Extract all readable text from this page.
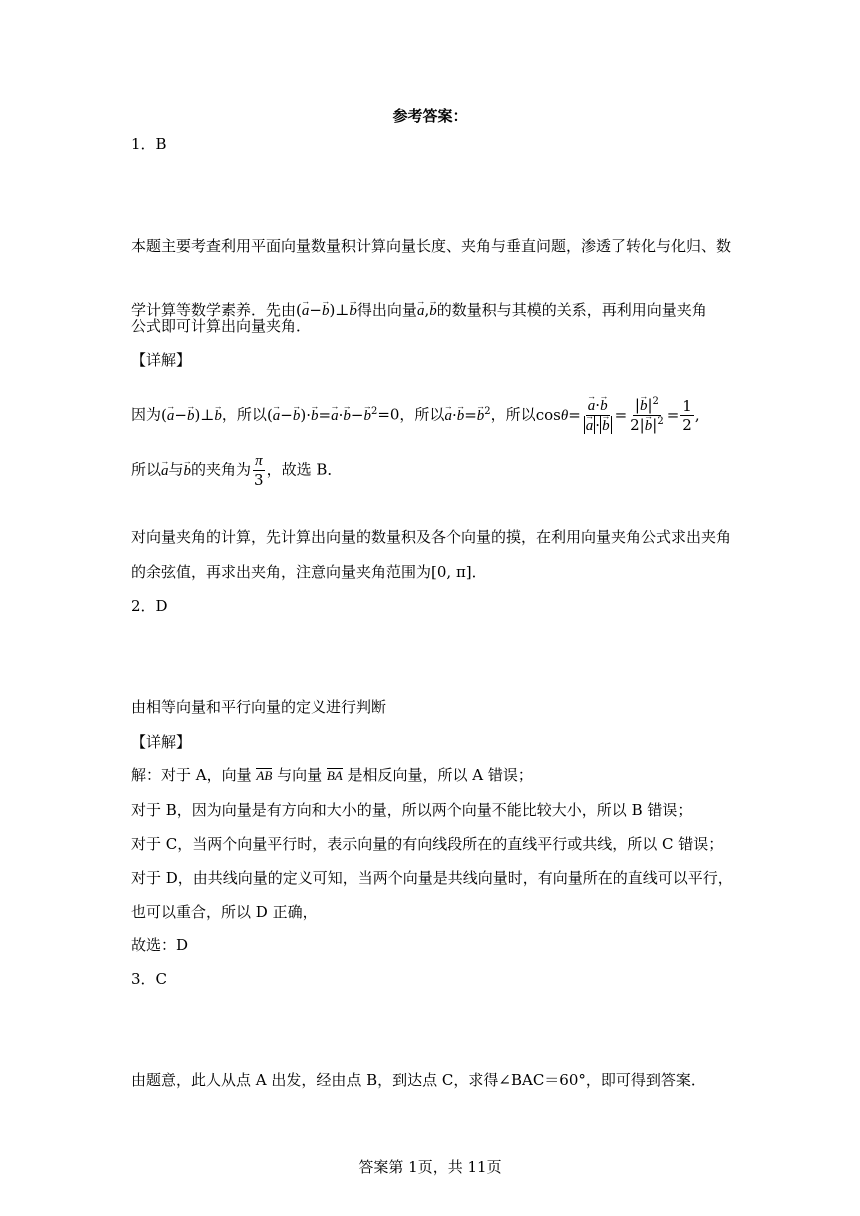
参考答案：
1．B
本题主要考查利用平面向量数量积计算向量长度、夹角与垂直问题，渗透了转化与化归、数
学计算等数学素养．先由(→ a−→ b)⊥→ b得出向量→ a,→ b的数量积与其模的关系，再利用向量夹角
公式即可计算出向量夹角．
【详解】
因为(→ a−→ b)⊥→ b，所以(→ $a-\to b)\cdot\to b=\to a\cdot\to b-\to b^2=0$，所以→ $a\cdot\to b=\to b^2$，所以cosθ=
→ a·→ b
→ $a \cdot\to b = \frac{|\to b|^2}{2|\to b|^2} = \frac{1}{2}$ ,
所以→ a与→ b的夹角为 $\frac{\pi}{3}$ ，故选 B．
对向量夹角的计算，先计算出向量的数量积及各个向量的摸，在利用向量夹角公式求出夹角
的余弦值，再求出夹角，注意向量夹角范围为[0, π]．
2．D
由相等向量和平行向量的定义进行判断
【详解】
解：对于 A，向量 AB 与向量 BA 是相反向量，所以 A 错误；
对于 B，因为向量是有方向和大小的量，所以两个向量不能比较大小，所以 B 错误；
对于 C，当两个向量平行时，表示向量的有向线段所在的直线平行或共线，所以 C 错误；
对于 D，由共线向量的定义可知，当两个向量是共线向量时，有向量所在的直线可以平行，
也可以重合，所以 D 正确，
故选：D
3．C
由题意，此人从点 A 出发，经由点 B，到达点 C，求得∠BAC＝60°，即可得到答案．
答案第 1页，共 11页
